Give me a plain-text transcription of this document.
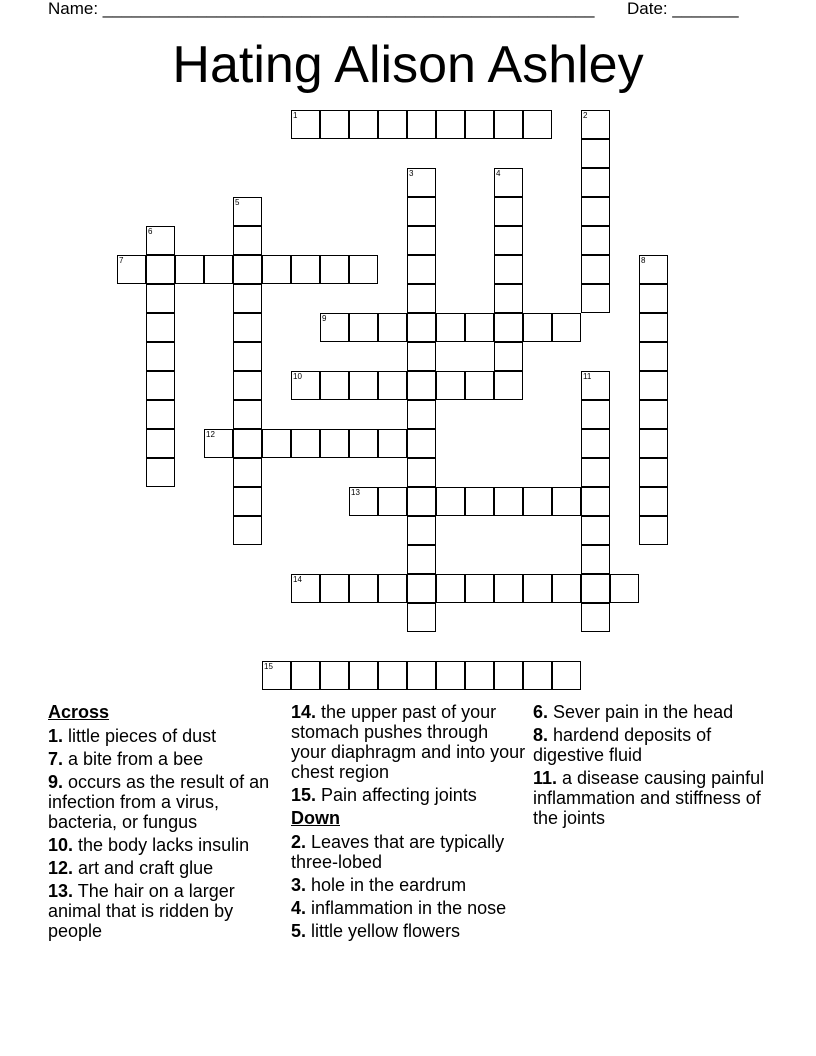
Name: ____________________________________________________ Date: _______
Hating Alison Ashley
1	2
3	4
5
6
7	8
9
10	11
12
13
14
15
Across
1. little pieces of dust
7. a bite from a bee
9. occurs as the result of an infection from a virus, bacteria, or fungus
10. the body lacks insulin
12. art and craft glue
13. The hair on a larger animal that is ridden by people
14. the upper past of your stomach pushes through your diaphragm and into your chest region
15. Pain affecting joints
Down
2. Leaves that are typically three-lobed
3. hole in the eardrum
4. inflammation in the nose
5. little yellow flowers
6. Sever pain in the head
8. hardend deposits of digestive fluid
11. a disease causing painful inflammation and stiffness of the joints
